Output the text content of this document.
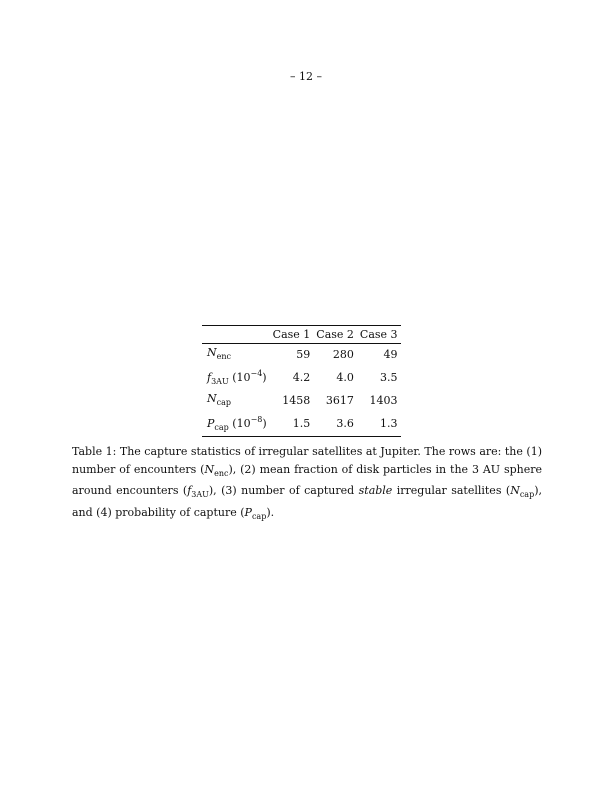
– 12 –
	Case 1	Case 2	Case 3
$N_{enc}$	59	280	49
$f_{3AU}$ $(10^{-4})$	4.2	4.0	3.5
$N_{cap}$	1458	3617	1403
$P_{cap}$ $(10^{-8})$	1.5	3.6	1.3

Table 1: The capture statistics of irregular satellites at Jupiter. The rows are: the (1) number of encounters $(N_{enc})$, (2) mean fraction of disk particles in the 3 AU sphere around encounters $(f_{3AU})$, (3) number of captured stable irregular satellites $(N_{cap})$, and (4) probability of capture $(P_{cap})$.
